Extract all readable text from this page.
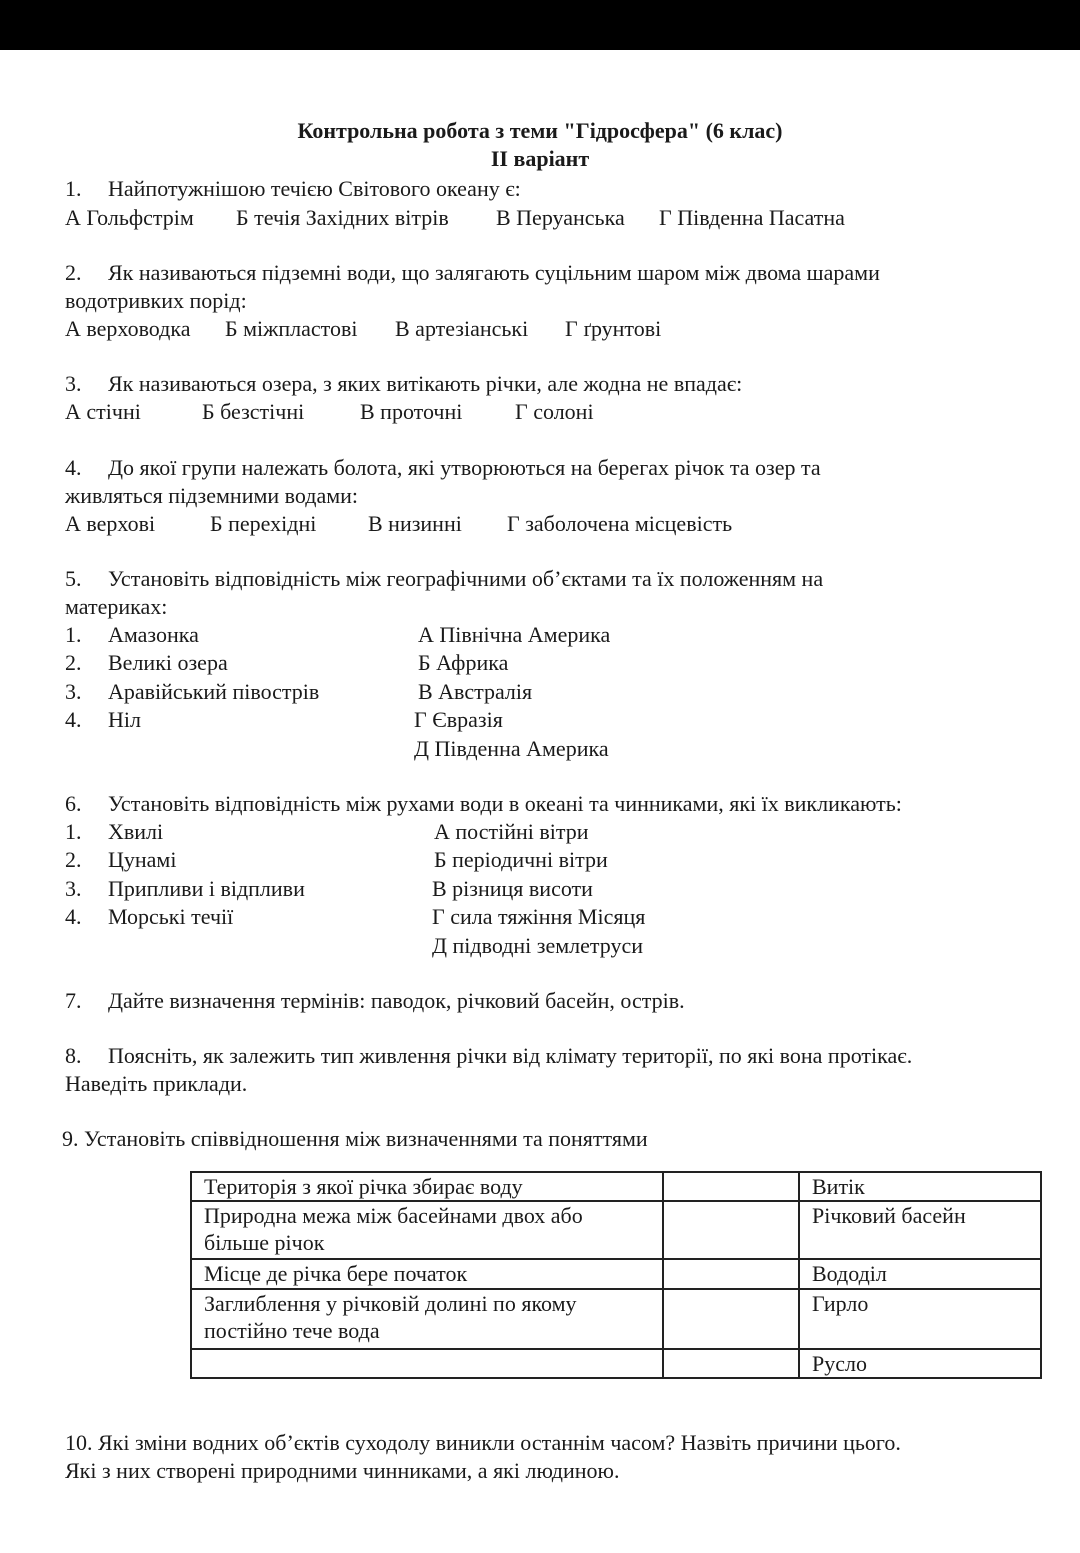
Контрольна робота з теми "Гідросфера" (6 клас)
II варіант
1. Найпотужнішою течією Світового океану є:
А Гольфстрім Б течія Західних вітрів В Перуанська Г Південна Пасатна
2. Як називаються підземні води, що залягають суцільним шаром між двома шарами
водотривких порід:
А верховодка Б міжпластові В артезіанські Г ґрунтові
3. Як називаються озера, з яких витікають річки, але жодна не впадає:
А стічні	Б безстічні	В проточні Г солоні
4. До якої групи належать болота, які утворюються на берегах річок та озер та
живляться підземними водами:
А верхові Б перехідні В низинні Г заболочена місцевість
5. Установіть відповідність між географічними об’єктами та їх положенням на
материках:
1. Амазонка	А Північна Америка
2. Великі озера	Б Африка
3. Аравійський півострів	В Австралія
4. Ніл	Г Євразія
Д Південна Америка
6. Установіть відповідність між рухами води в океані та чинниками, які їх викликають:
1. Хвилі	А постійні вітри
2. Цунамі	Б періодичні вітри
3. Припливи і відпливи	В різниця висоти
4. Морські течії	Г сила тяжіння Місяця
Д підводні землетруси
7. Дайте визначення термінів: паводок, річковий басейн, острів.
8. Поясніть, як залежить тип живлення річки від клімату території, по які вона протікає.
Наведіть приклади.
9. Установіть співвідношення між визначеннями та поняттями
Територія з якої річка збирає воду		Витік
Природна межа між басейнами двох або більше річок		Річковий басейн
Місце де річка бере початок		Вододіл
Заглиблення у річковій долині по якому постійно тече вода		Гирло
		Русло
10. Які зміни водних об’єктів суходолу виникли останнім часом? Назвіть причини цього.
Які з них створені природними чинниками, а які людиною.
